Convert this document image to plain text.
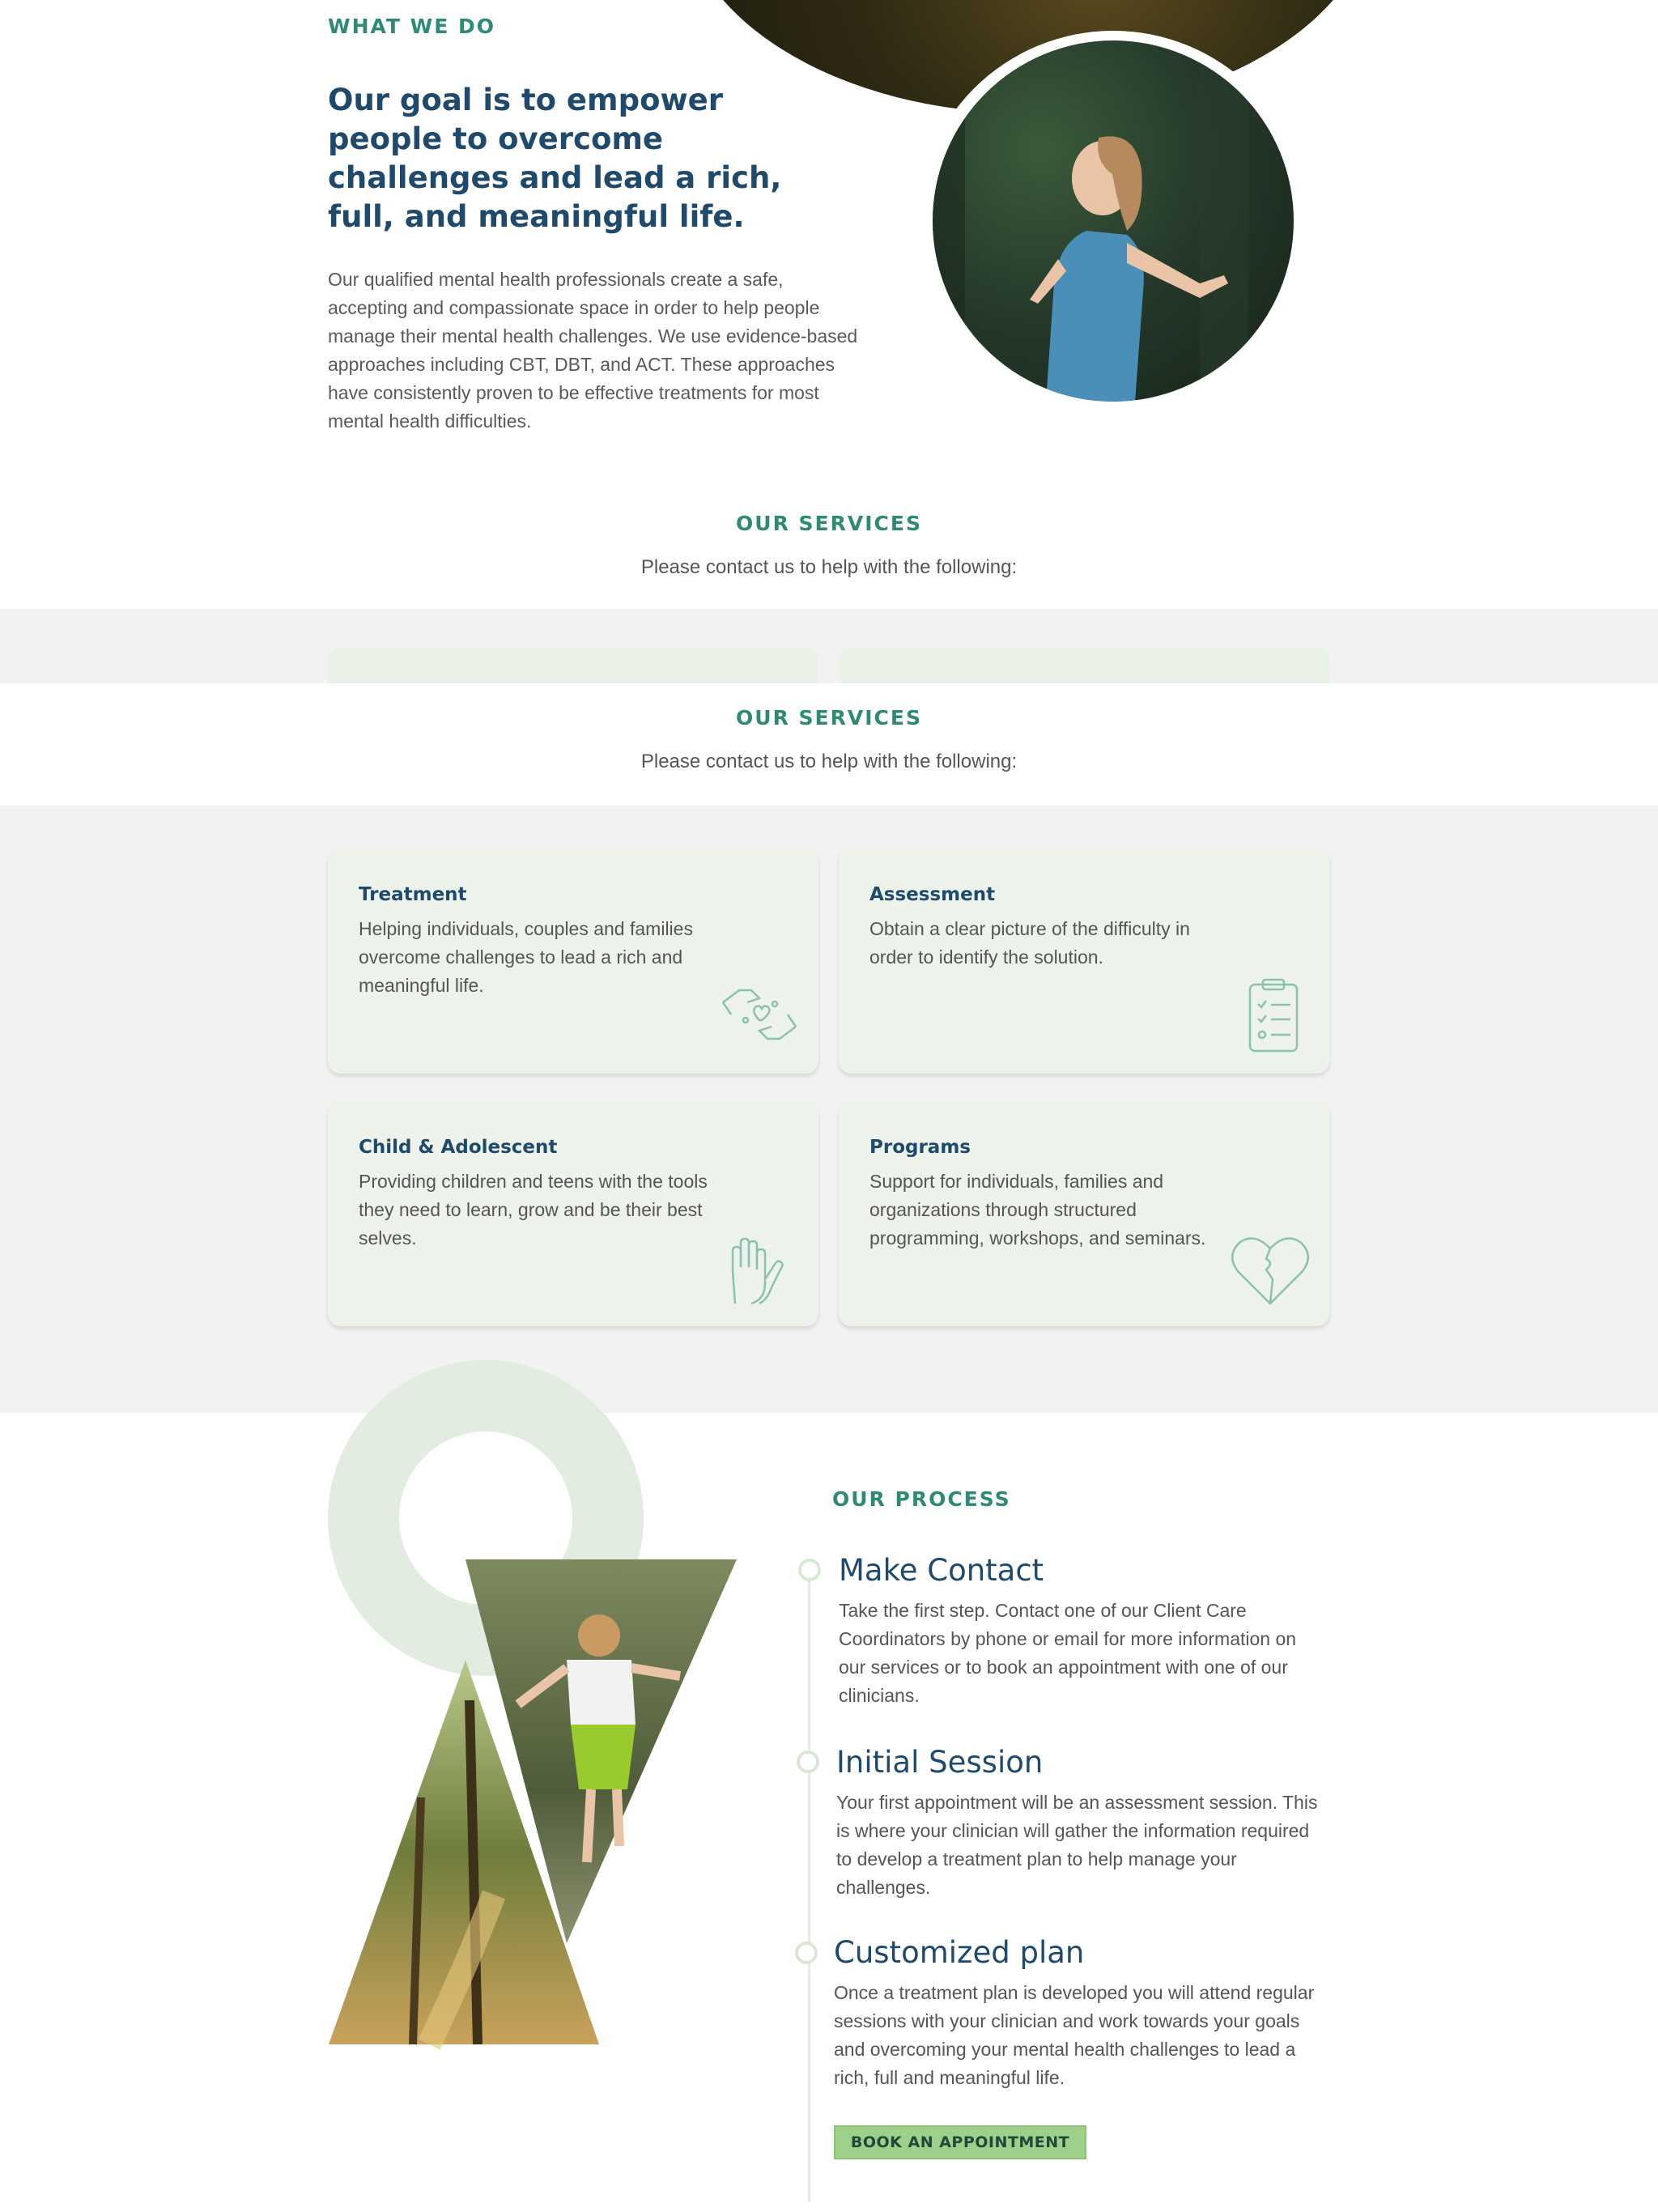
WHAT WE DO
Our goal is to empower people to overcome challenges and lead a rich, full, and meaningful life.

Our qualified mental health professionals create a safe, accepting and compassionate space in order to help people manage their mental health challenges. We use evidence-based approaches including CBT, DBT, and ACT. These approaches have consistently proven to be effective treatments for most mental health difficulties.

OUR SERVICES
Please contact us to help with the following:
OUR SERVICES
Please contact us to help with the following:
Treatment
Helping individuals, couples and families overcome challenges to lead a rich and meaningful life.
Assessment
Obtain a clear picture of the difficulty in order to identify the solution.
Child & Adolescent
Providing children and teens with the tools they need to learn, grow and be their best selves.
Programs
Support for individuals, families and organizations through structured programming, workshops, and seminars.
OUR PROCESS
Make Contact
Take the first step. Contact one of our Client Care Coordinators by phone or email for more information on our services or to book an appointment with one of our clinicians.
Initial Session
Your first appointment will be an assessment session. This is where your clinician will gather the information required to develop a treatment plan to help manage your challenges.
Customized plan
Once a treatment plan is developed you will attend regular sessions with your clinician and work towards your goals and overcoming your mental health challenges to lead a rich, full and meaningful life.
BOOK AN APPOINTMENT
